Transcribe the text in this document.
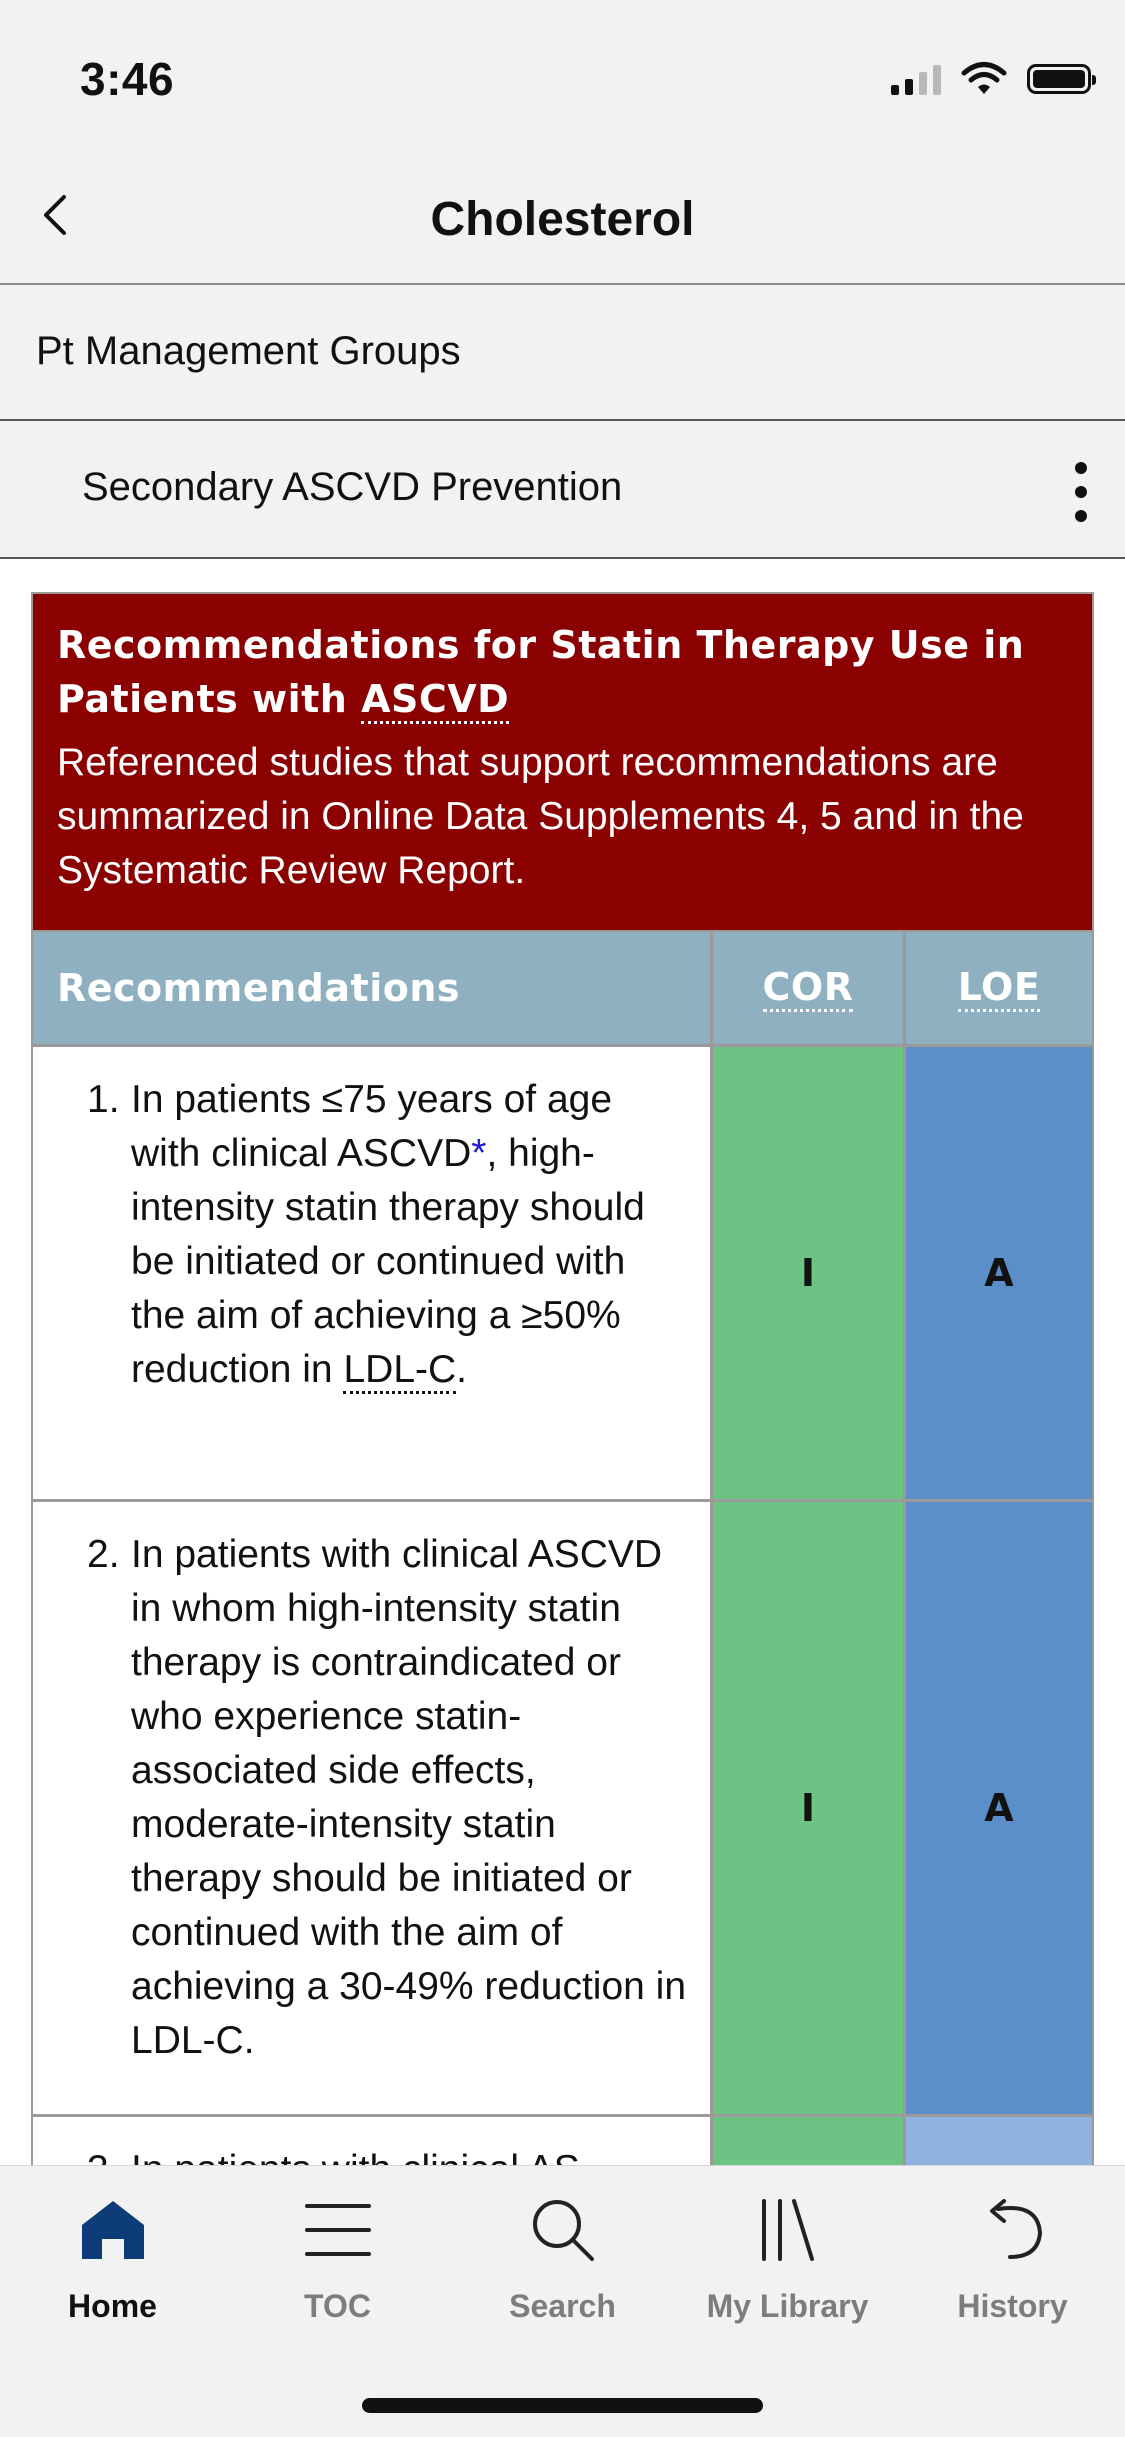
3:46
Cholesterol
Pt Management Groups
Secondary ASCVD Prevention
Recommendations for Statin Therapy Use in Patients with ASCVD
Referenced studies that support recommendations are summarized in Online Data Supplements 4, 5 and in the Systematic Review Report.
Recommendations	COR	LOE
1. In patients ≤75 years of age with clinical ASCVD*, high-intensity statin therapy should be initiated or continued with the aim of achieving a ≥50% reduction in LDL-C.
I	A
2. In patients with clinical ASCVD in whom high-intensity statin therapy is contraindicated or who experience statin-associated side effects, moderate-intensity statin therapy should be initiated or continued with the aim of achieving a 30-49% reduction in LDL-C.
I	A
Home	TOC	Search	My Library	History
